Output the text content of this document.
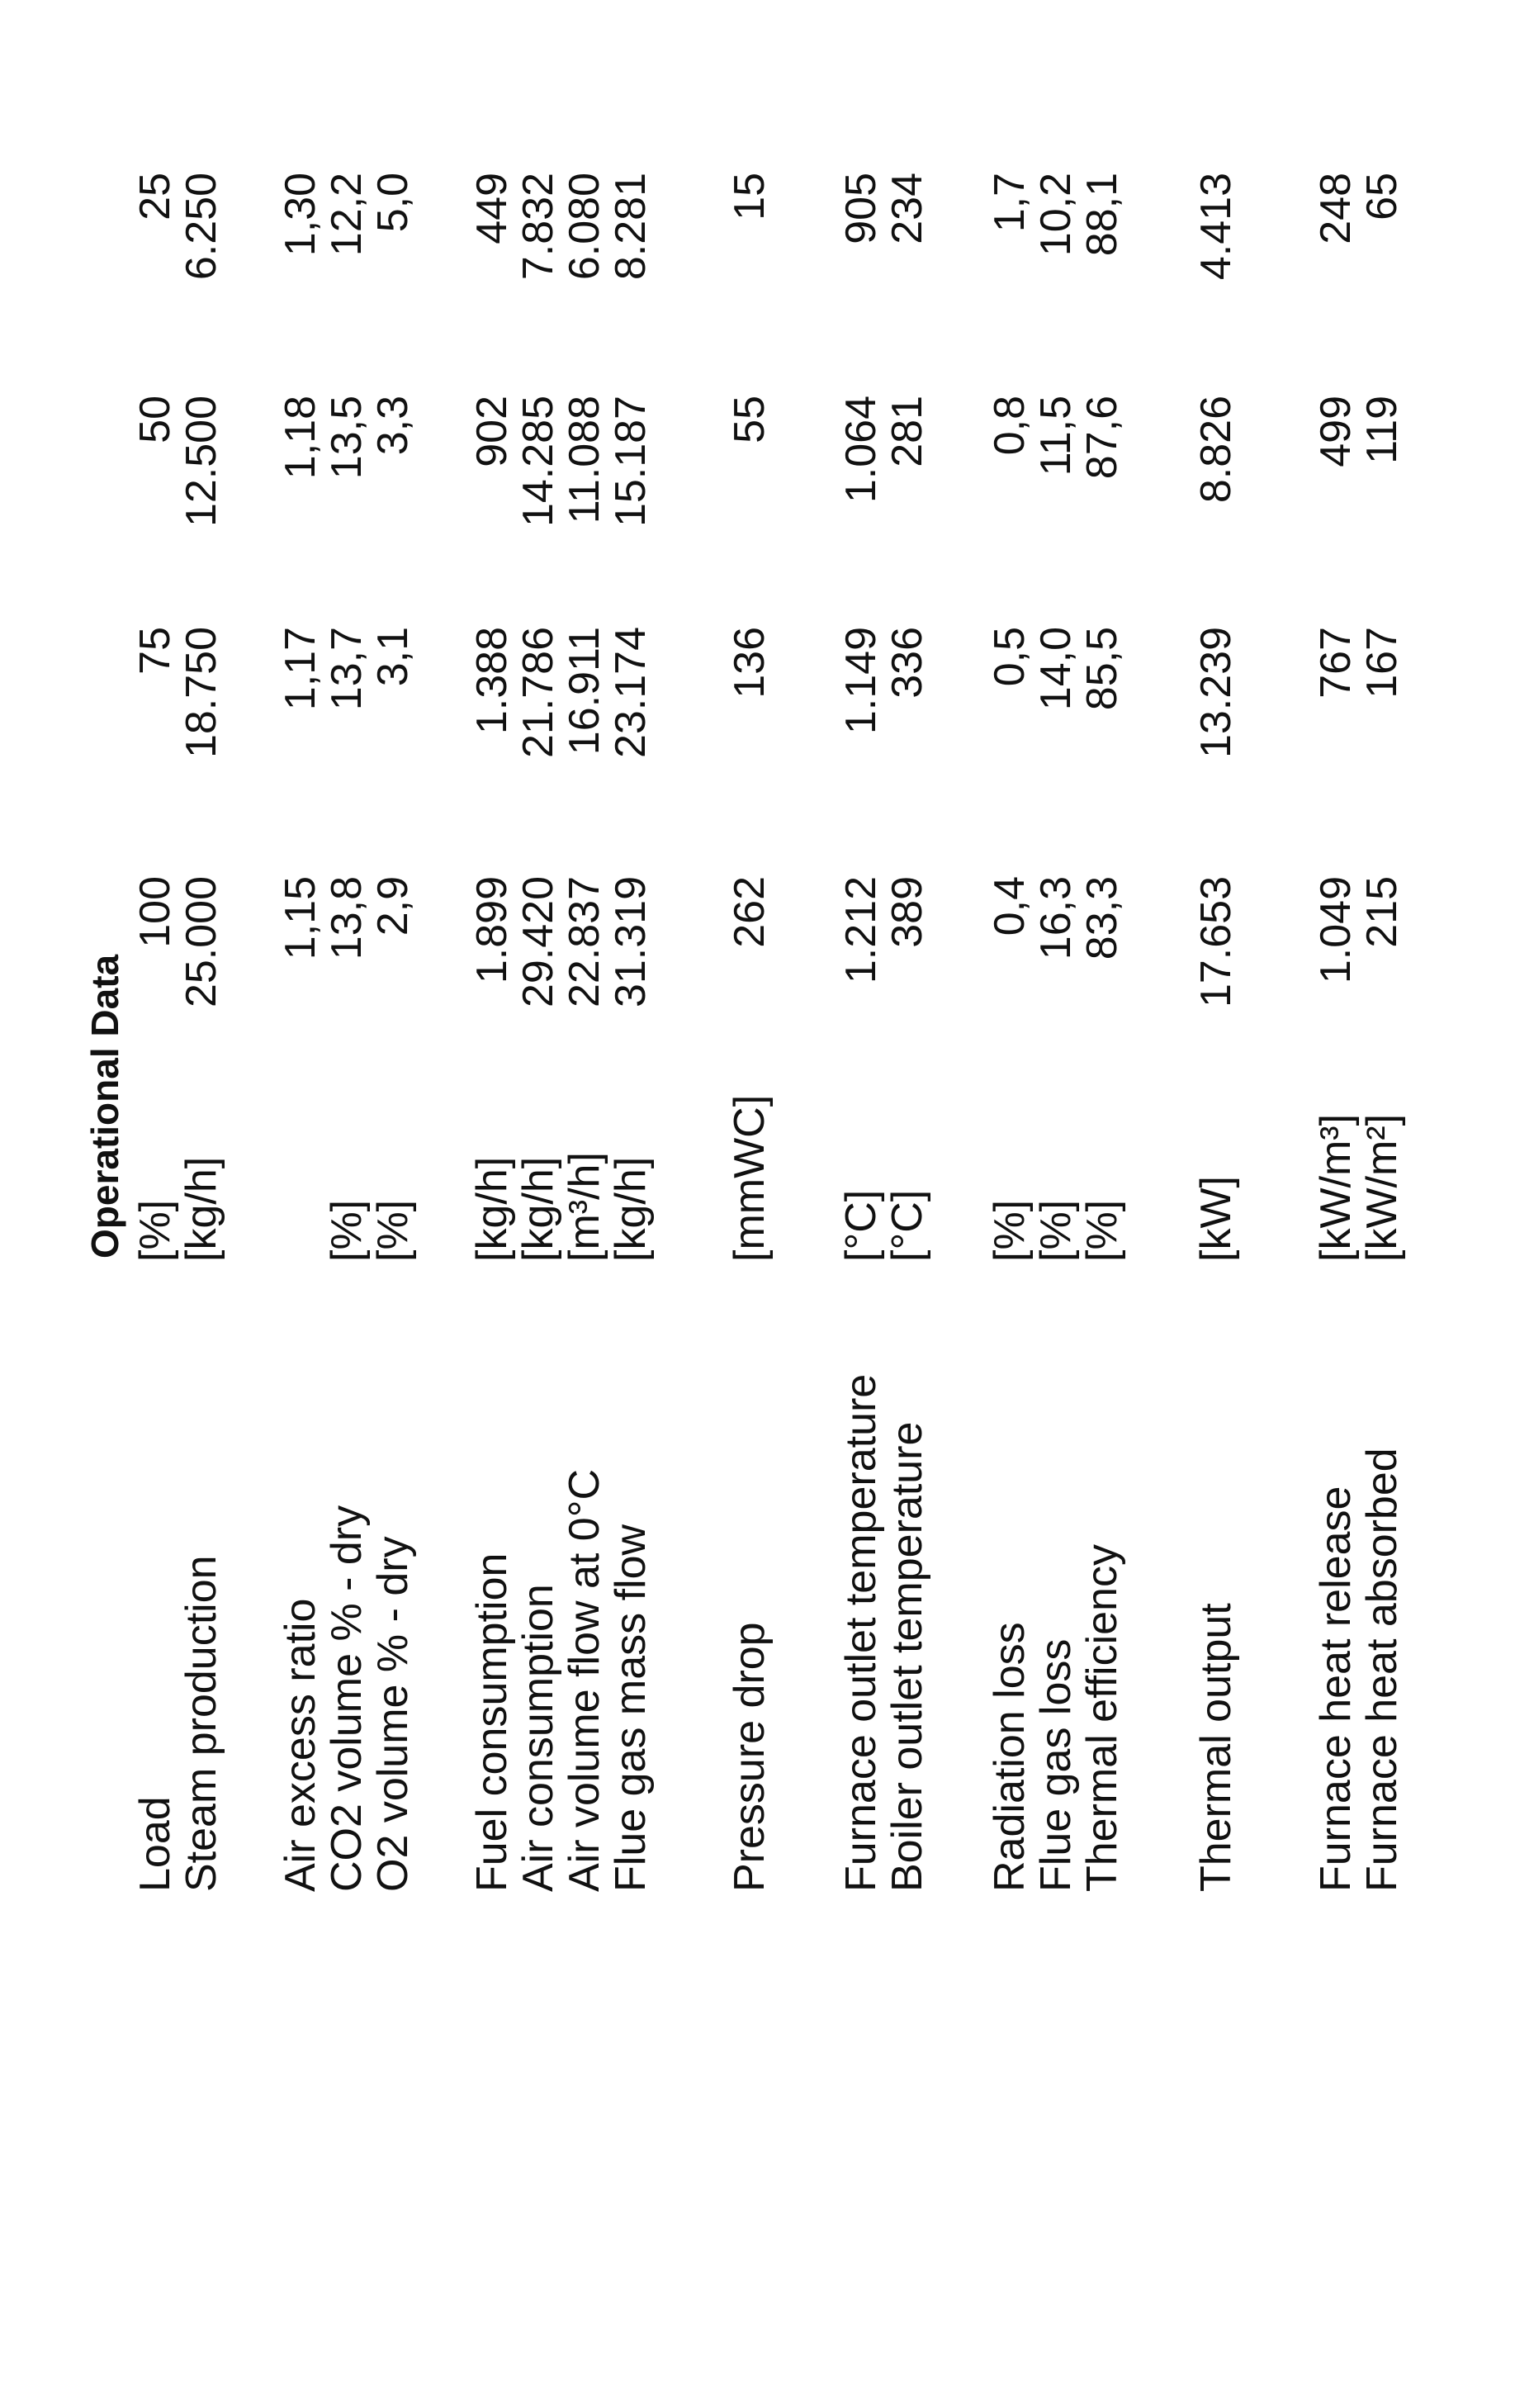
Operational Data
Load
[%]
100
75
50
25
Steam production
[kg/h]
25.000
18.750
12.500
6.250
Air excess ratio
1,15
1,17
1,18
1,30
CO2 volume % - dry
[%]
13,8
13,7
13,5
12,2
O2 volume % - dry
[%]
2,9
3,1
3,3
5,0
Fuel consumption
[kg/h]
1.899
1.388
902
449
Air consumption
[kg/h]
29.420
21.786
14.285
7.832
Air volume flow at 0°C
[m³/h]
22.837
16.911
11.088
6.080
Flue gas mass flow
[kg/h]
31.319
23.174
15.187
8.281
Pressure drop
[mmWC]
262
136
55
15
Furnace outlet temperature
[°C]
1.212
1.149
1.064
905
Boiler outlet temperature
[°C]
389
336
281
234
Radiation loss
[%]
0,4
0,5
0,8
1,7
Flue gas loss
[%]
16,3
14,0
11,5
10,2
Thermal efficiency
[%]
83,3
85,5
87,6
88,1
Thermal output
[kW]
17.653
13.239
8.826
4.413
Furnace heat release
[kW/m³]
1.049
767
499
248
Furnace heat absorbed
[kW/m²]
215
167
119
65
